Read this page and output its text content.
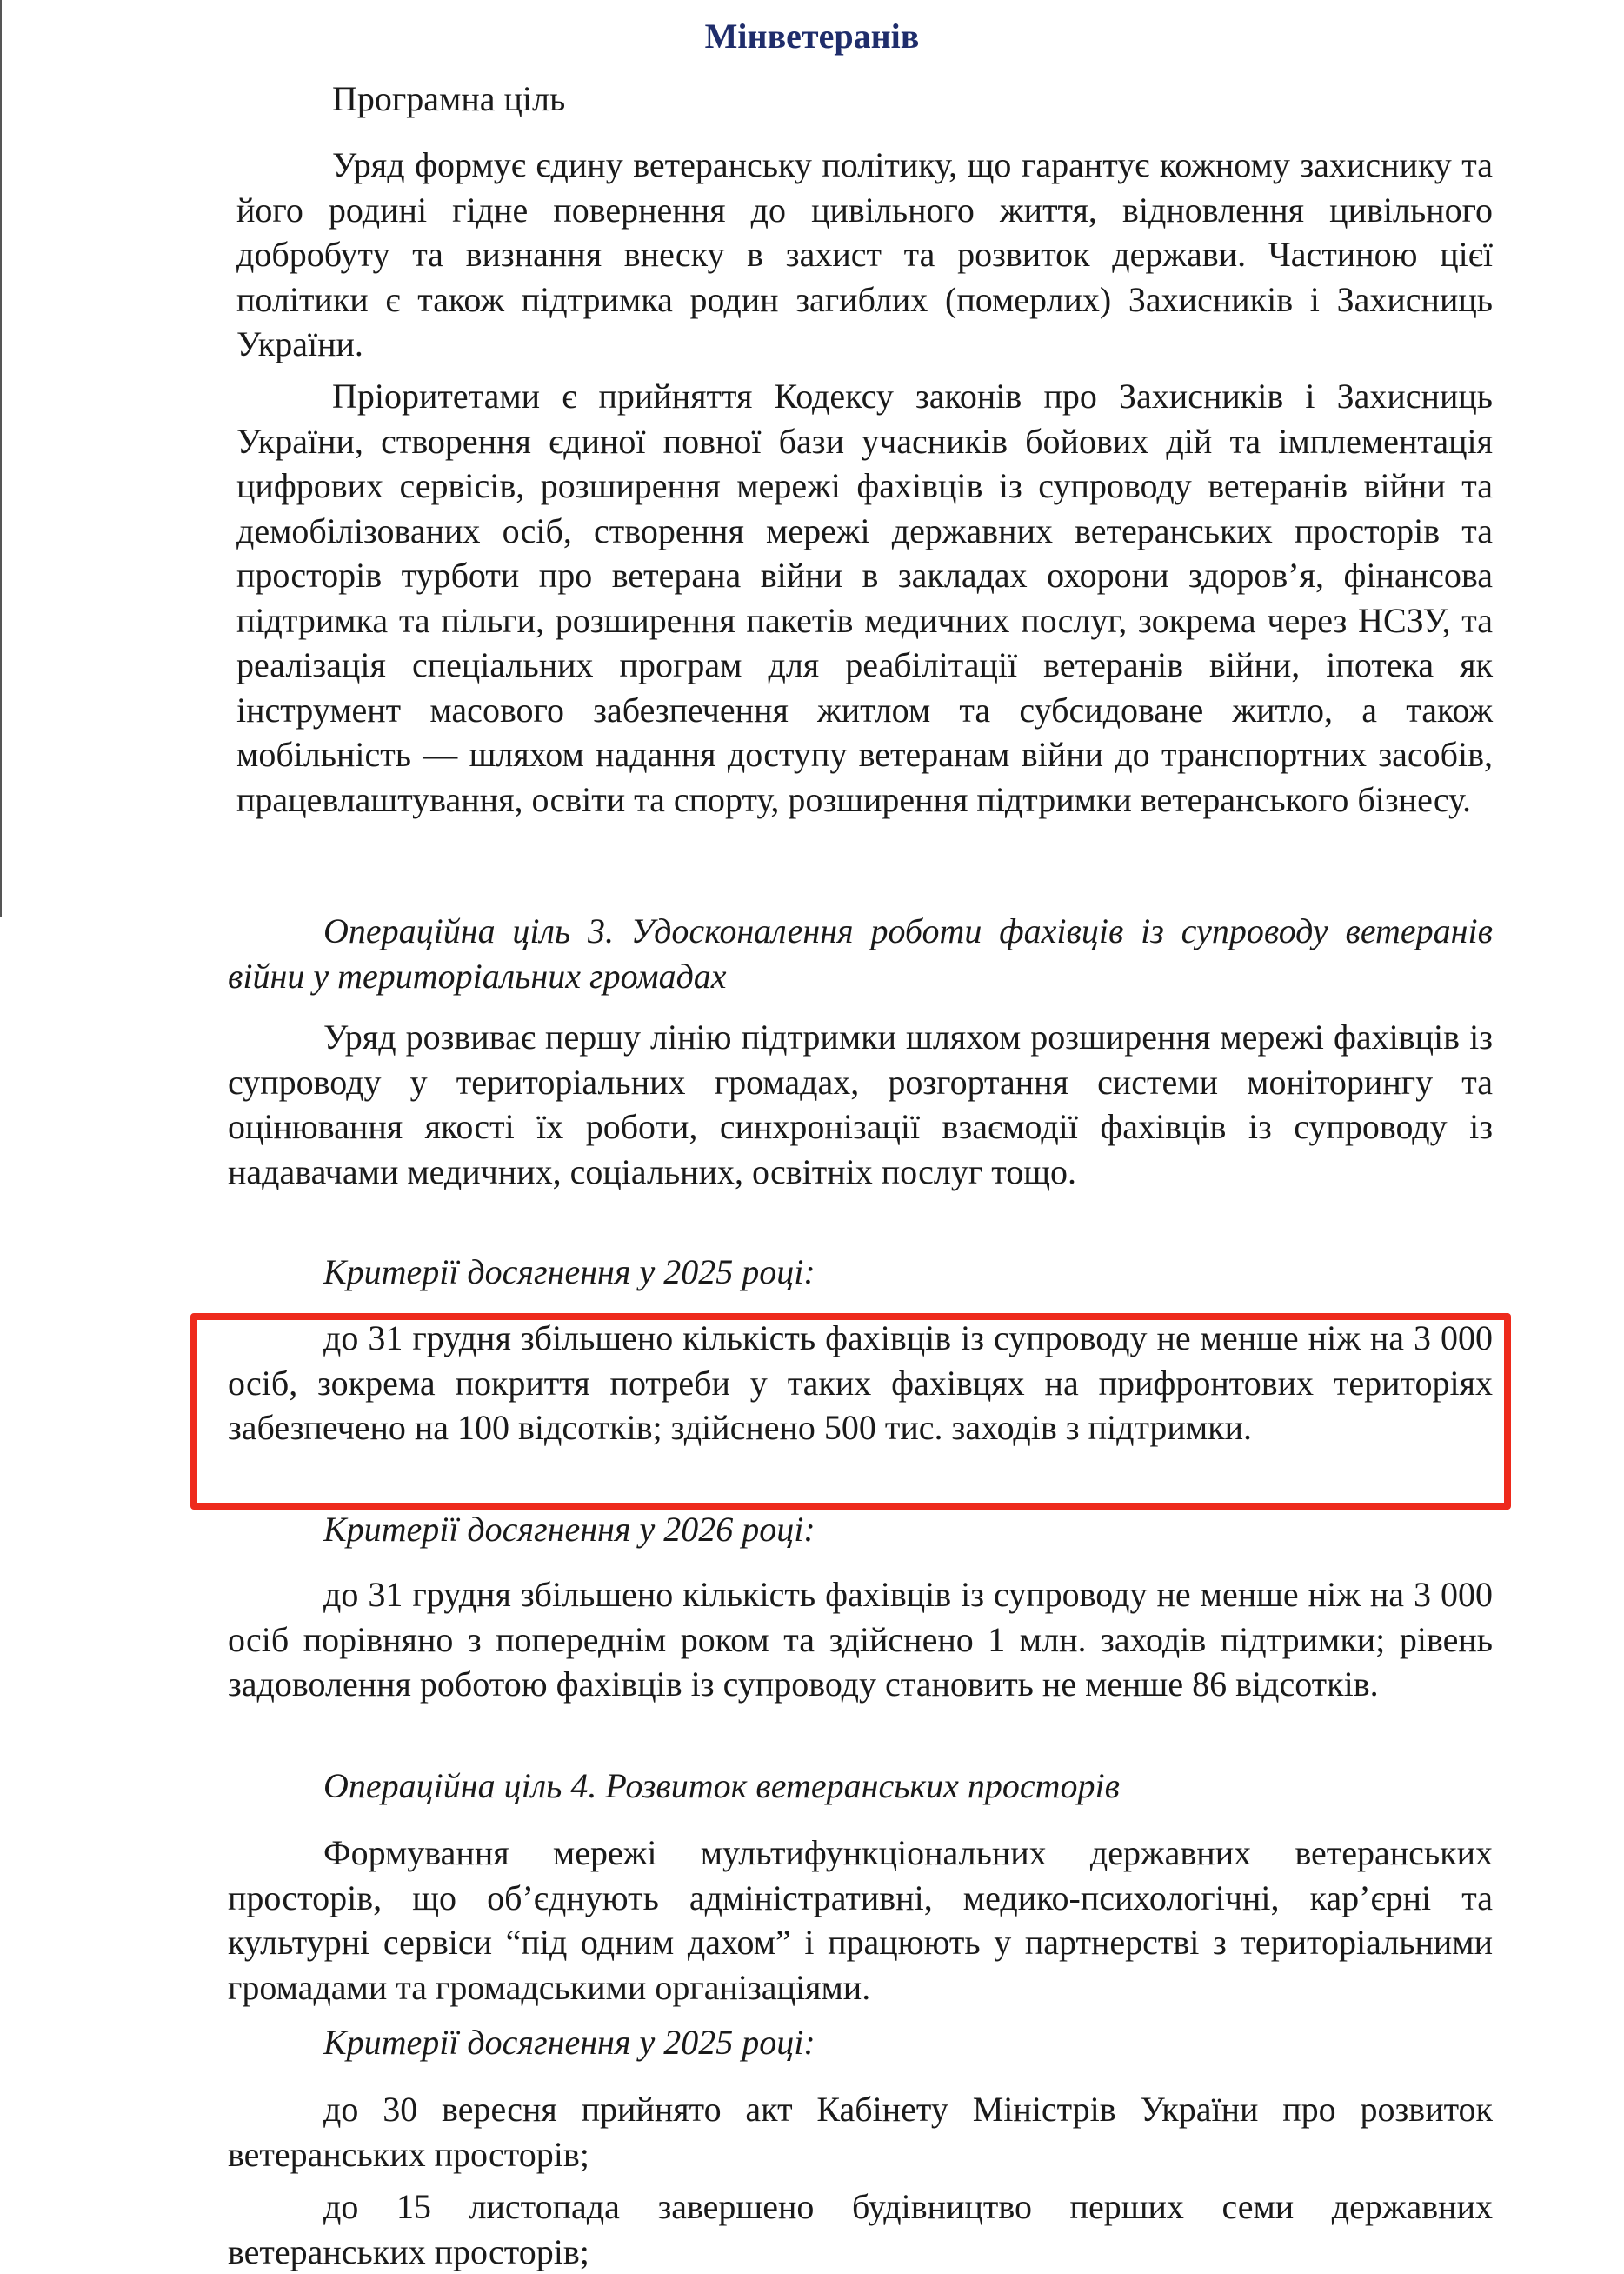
Мінветеранів

Програмна ціль

Уряд формує єдину ветеранську політику, що гарантує кожному захиснику та його родині гідне повернення до цивільного життя, відновлення цивільного добробуту та визнання внеску в захист та розвиток держави. Частиною цієї політики є також підтримка родин загиблих (померлих) Захисників і Захисниць України.

Пріоритетами є прийняття Кодексу законів про Захисників і Захисниць України, створення єдиної повної бази учасників бойових дій та імплементація цифрових сервісів, розширення мережі фахівців із супроводу ветеранів війни та демобілізованих осіб, створення мережі державних ветеранських просторів та просторів турботи про ветерана війни в закладах охорони здоров’я, фінансова підтримка та пільги, розширення пакетів медичних послуг, зокрема через НСЗУ, та реалізація спеціальних програм для реабілітації ветеранів війни, іпотека як інструмент масового забезпечення житлом та субсидоване житло, а також мобільність — шляхом надання доступу ветеранам війни до транспортних засобів, працевлаштування, освіти та спорту, розширення підтримки ветеранського бізнесу.

Операційна ціль 3. Удосконалення роботи фахівців із супроводу ветеранів війни у територіальних громадах

Уряд розвиває першу лінію підтримки шляхом розширення мережі фахівців із супроводу у територіальних громадах, розгортання системи моніторингу та оцінювання якості їх роботи, синхронізації взаємодії фахівців із супроводу із надавачами медичних, соціальних, освітніх послуг тощо.

Критерії досягнення у 2025 році:

до 31 грудня збільшено кількість фахівців із супроводу не менше ніж на 3 000 осіб, зокрема покриття потреби у таких фахівцях на прифронтових територіях забезпечено на 100 відсотків; здійснено 500 тис. заходів з підтримки.

Критерії досягнення у 2026 році:

до 31 грудня збільшено кількість фахівців із супроводу не менше ніж на 3 000 осіб порівняно з попереднім роком та здійснено 1 млн. заходів підтримки; рівень задоволення роботою фахівців із супроводу становить не менше 86 відсотків.

Операційна ціль 4. Розвиток ветеранських просторів

Формування мережі мультифункціональних державних ветеранських просторів, що об’єднують адміністративні, медико-психологічні, кар’єрні та культурні сервіси “під одним дахом” і працюють у партнерстві з територіальними громадами та громадськими організаціями.

Критерії досягнення у 2025 році:

до 30 вересня прийнято акт Кабінету Міністрів України про розвиток ветеранських просторів;

до 15 листопада завершено будівництво перших семи державних ветеранських просторів;
